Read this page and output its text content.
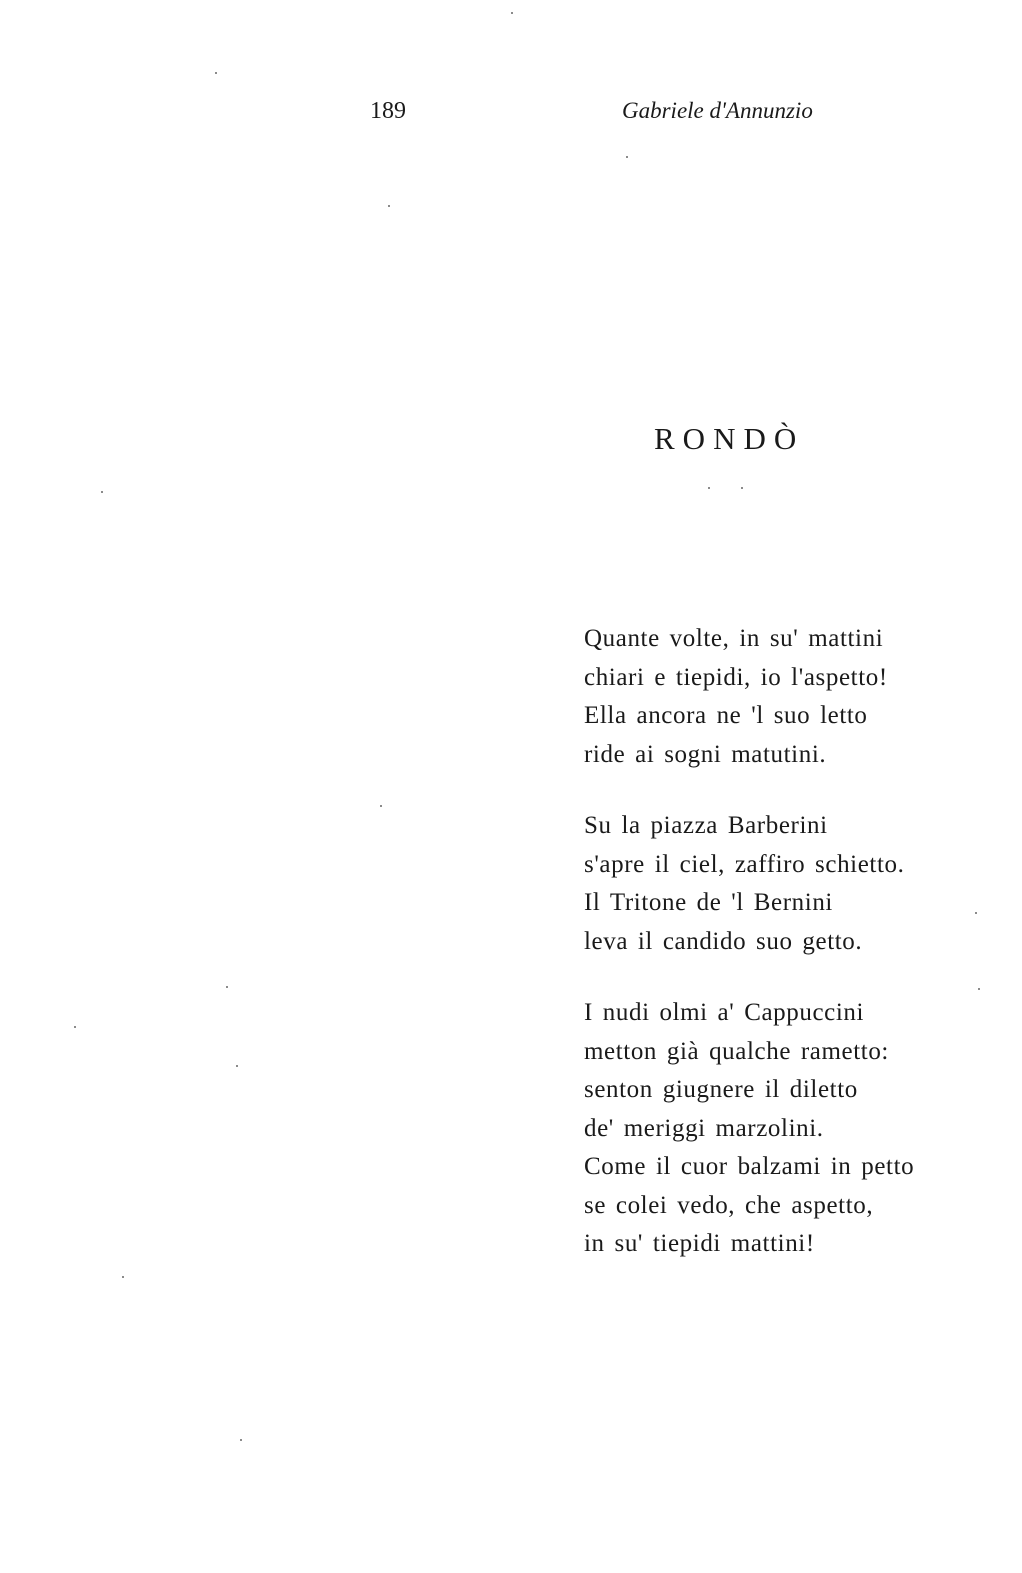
189	Gabriele d'Annunzio
RONDÒ
Quante volte, in su' mattini
chiari e tiepidi, io l'aspetto!
Ella ancora ne 'l suo letto
ride ai sogni matutini.
Su la piazza Barberini
s'apre il ciel, zaffiro schietto.
Il Tritone de 'l Bernini
leva il candido suo getto.
I nudi olmi a' Cappuccini
metton già qualche rametto:
senton giugnere il diletto
de' meriggi marzolini.
Come il cuor balzami in petto
se colei vedo, che aspetto,
in su' tiepidi mattini!
